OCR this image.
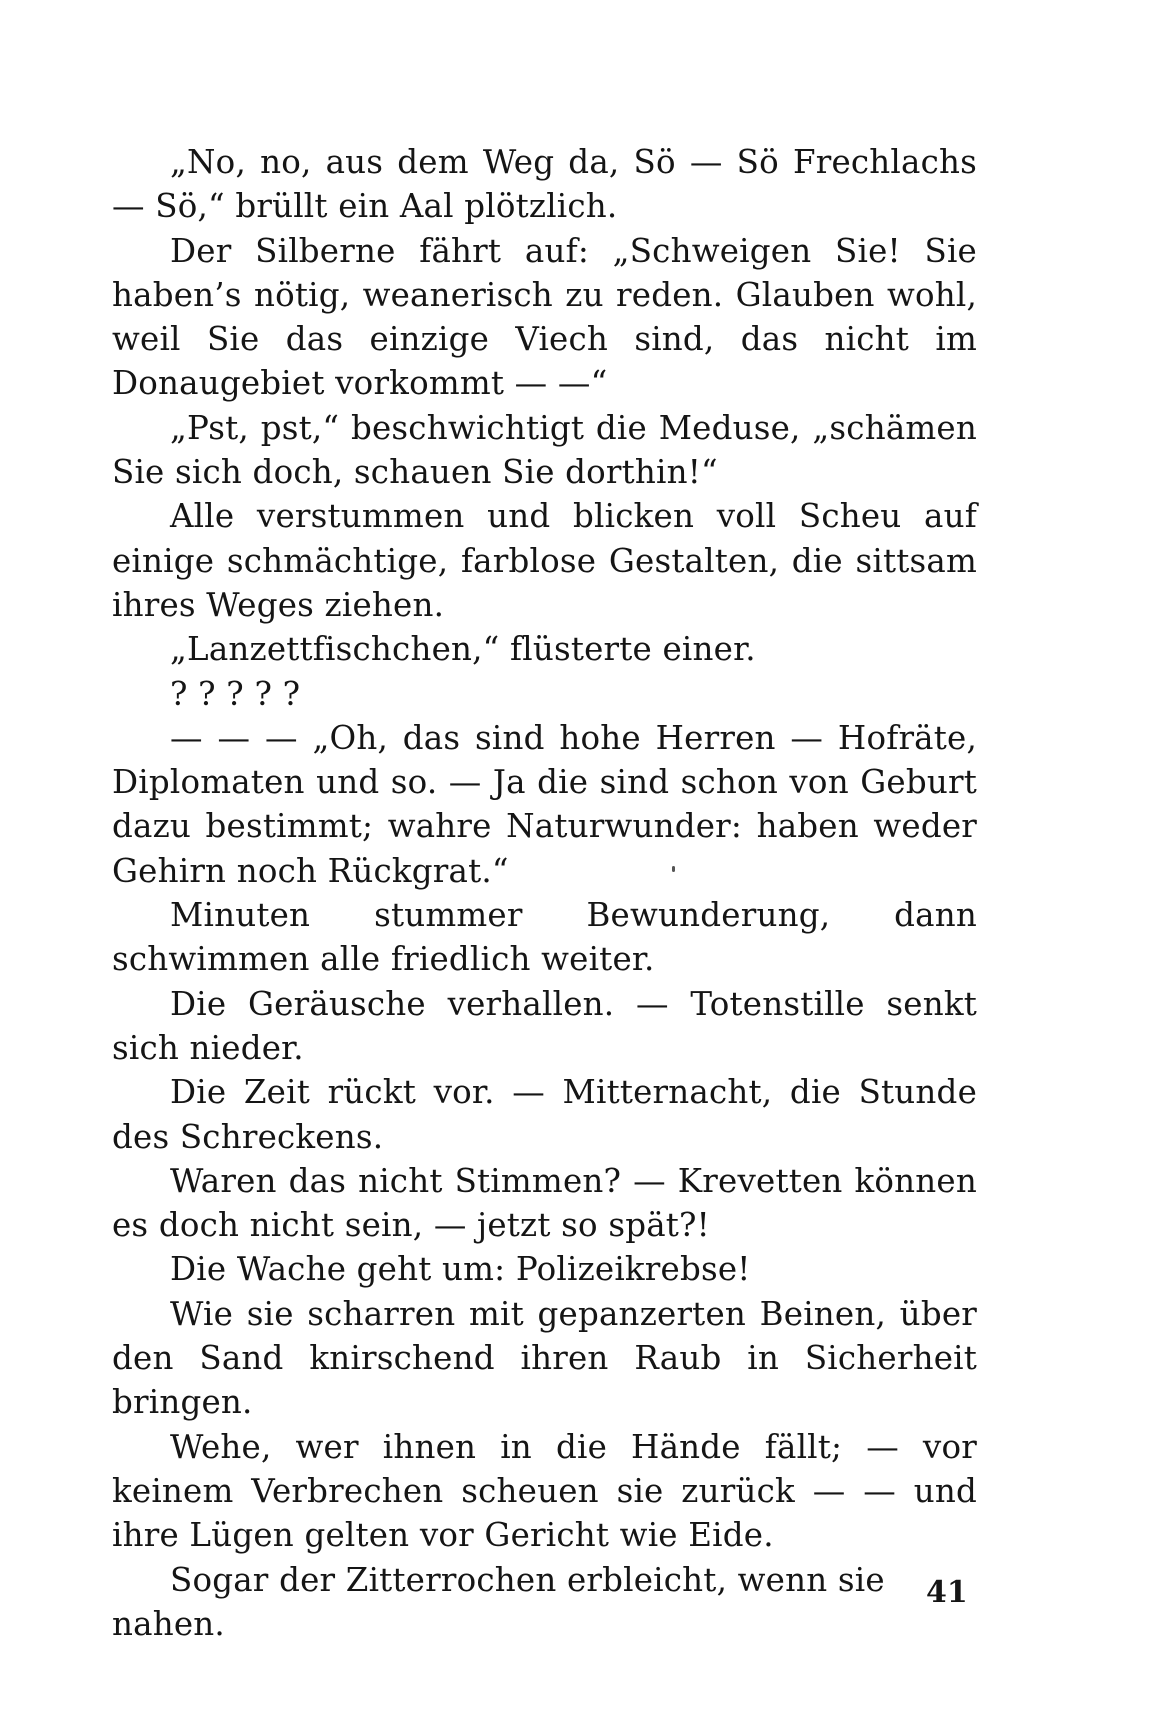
„No, no, aus dem Weg da, Sö — Sö Frechlachs — Sö,“ brüllt ein Aal plötzlich.

Der Silberne fährt auf: „Schweigen Sie! Sie haben’s nötig, weanerisch zu reden. Glauben wohl, weil Sie das einzige Viech sind, das nicht im Donaugebiet vorkommt — —“

„Pst, pst,“ beschwichtigt die Meduse, „schämen Sie sich doch, schauen Sie dorthin!“

Alle verstummen und blicken voll Scheu auf einige schmächtige, farblose Gestalten, die sittsam ihres Weges ziehen.

„Lanzettfischchen,“ flüsterte einer.

? ? ? ? ?

— — — „Oh, das sind hohe Herren — Hofräte, Diplomaten und so. — Ja die sind schon von Geburt dazu bestimmt; wahre Naturwunder: haben weder Gehirn noch Rückgrat.“

Minuten stummer Bewunderung, dann schwimmen alle friedlich weiter.

Die Geräusche verhallen. — Totenstille senkt sich nieder.

Die Zeit rückt vor. — Mitternacht, die Stunde des Schreckens.

Waren das nicht Stimmen? — Krevetten können es doch nicht sein, — jetzt so spät?!

Die Wache geht um: Polizeikrebse!

Wie sie scharren mit gepanzerten Beinen, über den Sand knirschend ihren Raub in Sicherheit bringen.

Wehe, wer ihnen in die Hände fällt; — vor keinem Verbrechen scheuen sie zurück — — und ihre Lügen gelten vor Gericht wie Eide.

Sogar der Zitterrochen erbleicht, wenn sie nahen.

41
